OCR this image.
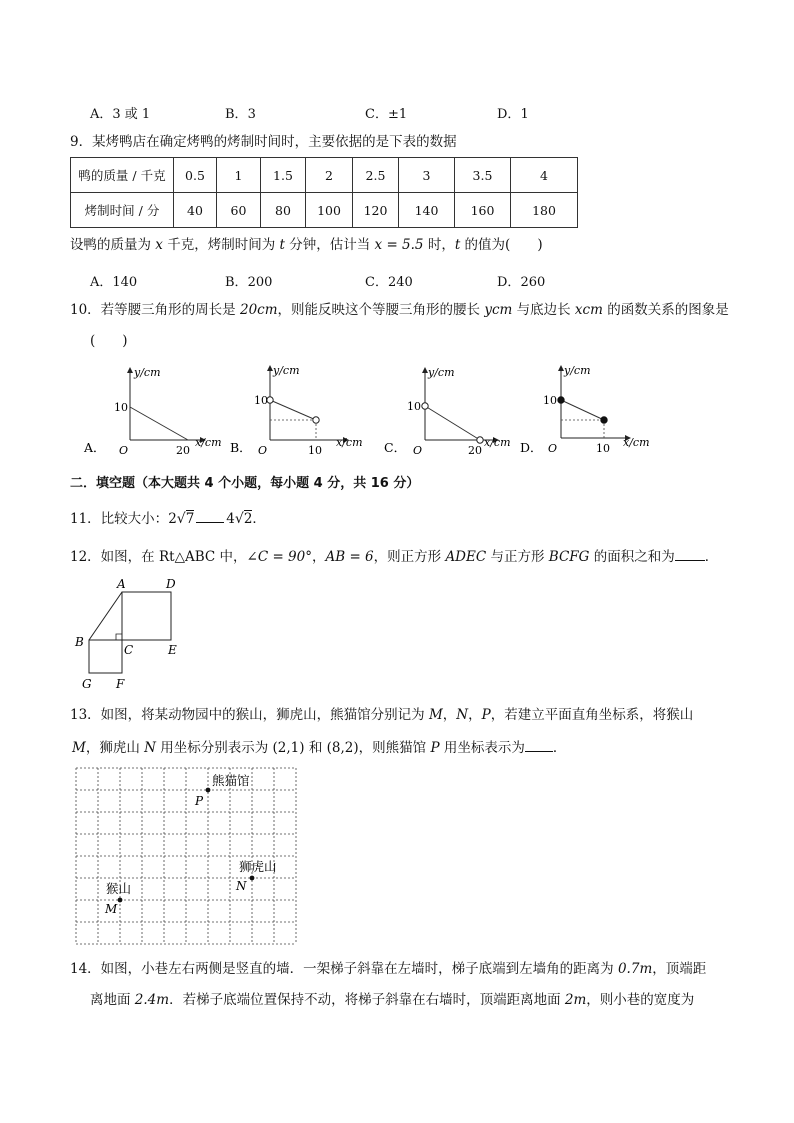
A．3 或 1	B．3	C．±1	D．1
9．某烤鸭店在确定烤鸭的烤制时间时，主要依据的是下表的数据
鸭的质量 / 千克	0.5	1	1.5	2	2.5	3	3.5	4
烤制时间 / 分	40	60	80	100	120	140	160	180
设鸭的质量为 x 千克，烤制时间为 t 分钟，估计当 x = 5.5 时，t 的值为(　　)
A．140	B．200	C．240	D．260
10．若等腰三角形的周长是 20cm，则能反映这个等腰三角形的腰长 ycm 与底边长 xcm 的函数关系的图象是
(　　)
A．
y/cm
10
O	20
x/cm B．
y/cm
10
O	10
x/cm C．
y/cm
10
O	20
x/cm D．
y/cm
10
O	10 x/cm
二．填空题（本大题共 4 个小题，每小题 4 分，共 16 分）
11．比较大小：2√7 4√2．
12．如图，在 Rt△ABC 中，∠C = 90°，AB = 6，则正方形 ADEC 与正方形 BCFG 的面积之和为 ．
A	D
B
C	E
G F
13．如图，将某动物园中的猴山，狮虎山，熊猫馆分别记为 M，N，P，若建立平面直角坐标系，将猴山
M，狮虎山 N 用坐标分别表示为 (2,1) 和 (8,2)，则熊猫馆 P 用坐标表示为 ．
熊猫馆
P
狮虎山
N
猴山
M
14．如图，小巷左右两侧是竖直的墙．一架梯子斜靠在左墙时，梯子底端到左墙角的距离为 0.7m，顶端距
离地面 2.4m．若梯子底端位置保持不动，将梯子斜靠在右墙时，顶端距离地面 2m，则小巷的宽度为
